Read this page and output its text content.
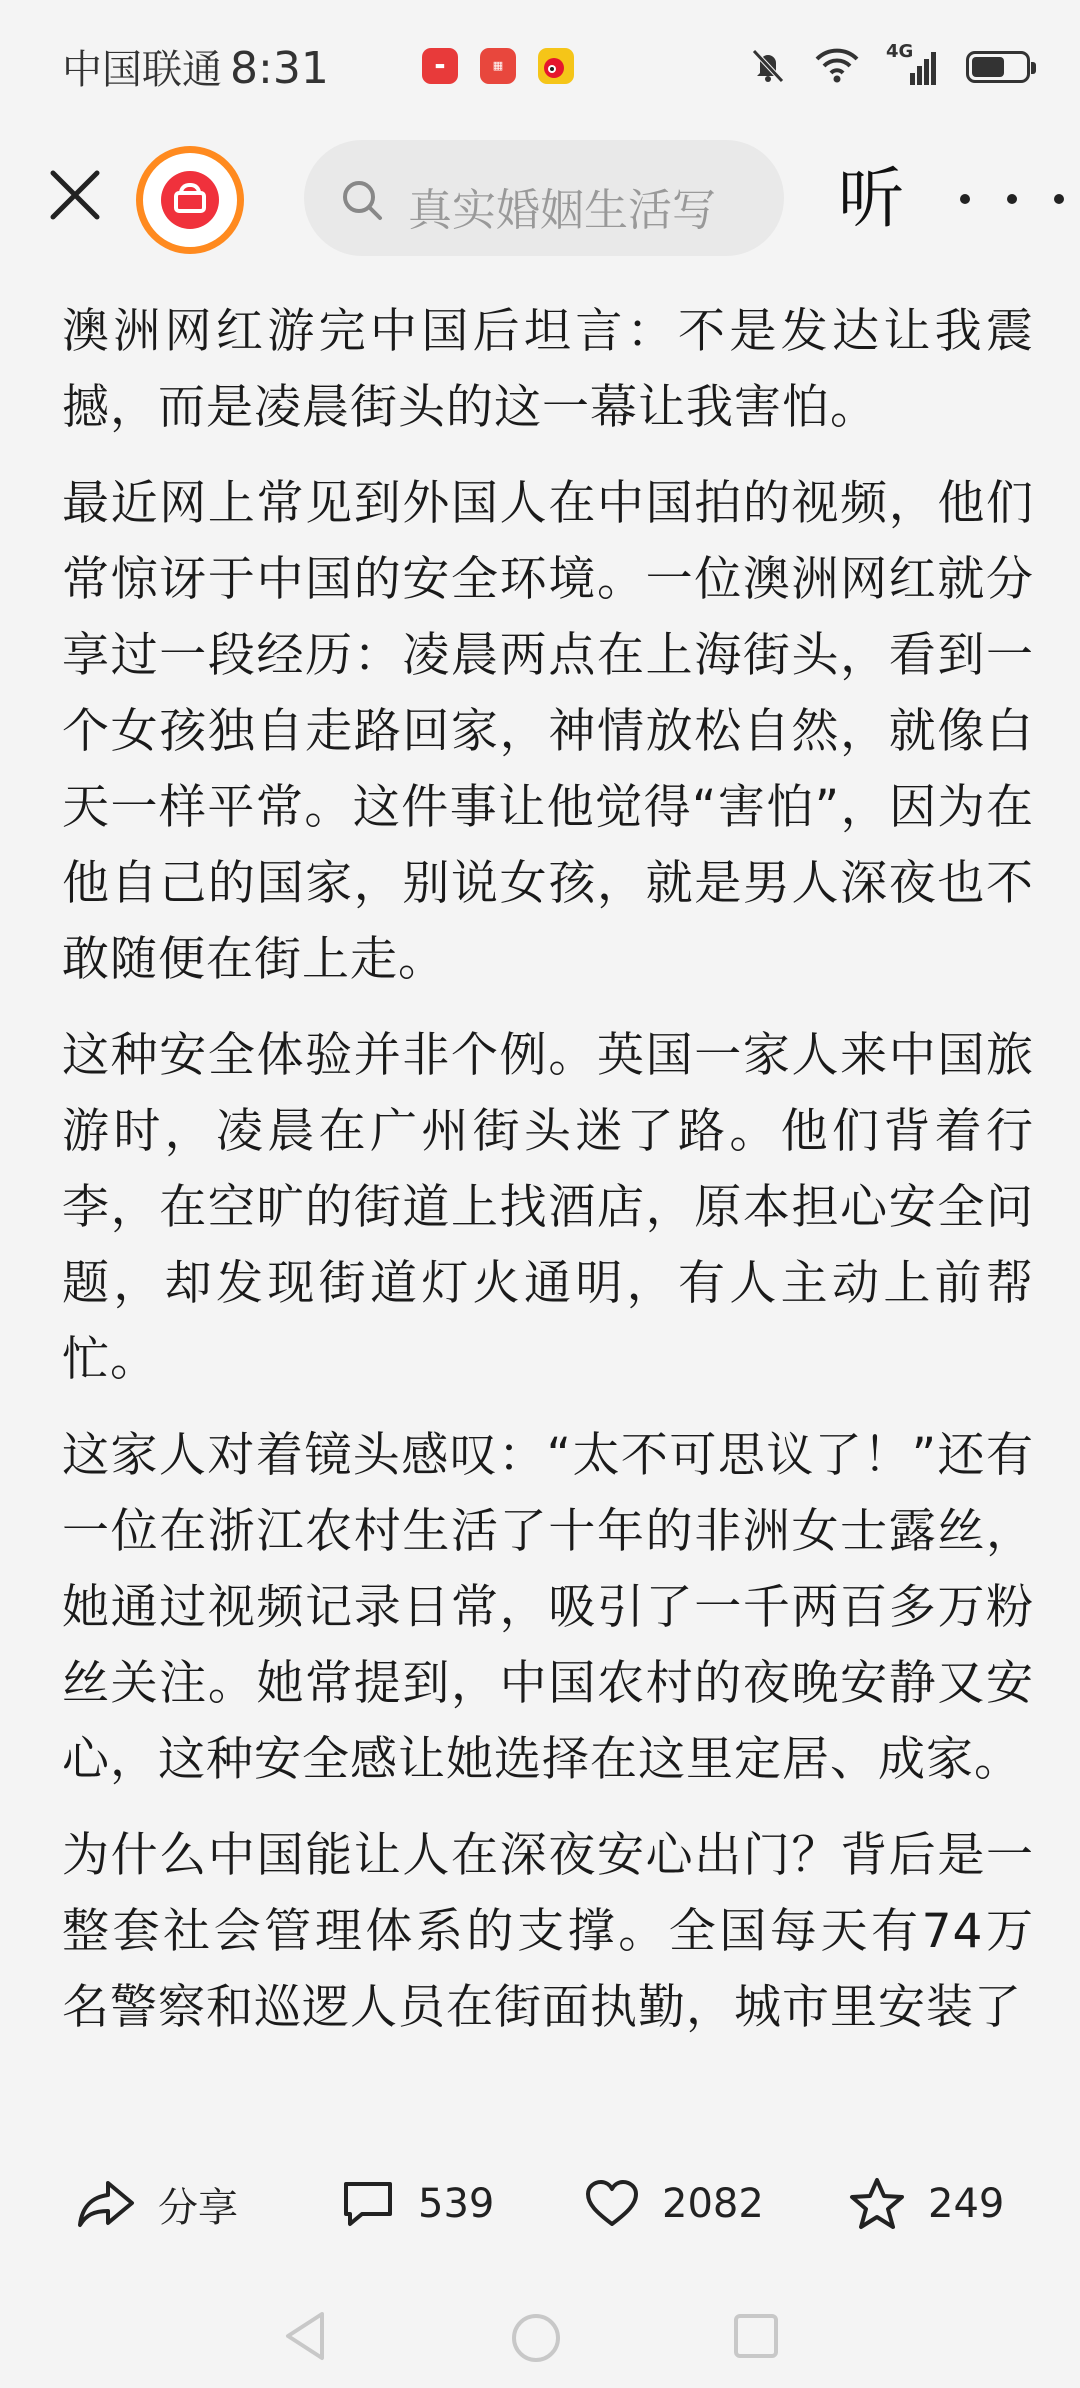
中国联通 8:31	▬	▦
4G
真实婚姻生活写 听

澳洲网红游完中国后坦言：不是发达让我震撼，而是凌晨街头的这一幕让我害怕。

最近网上常见到外国人在中国拍的视频，他们常惊讶于中国的安全环境。一位澳洲网红就分享过一段经历：凌晨两点在上海街头，看到一个女孩独自走路回家，神情放松自然，就像白天一样平常。这件事让他觉得“害怕”，因为在他自己的国家，别说女孩，就是男人深夜也不敢随便在街上走。

这种安全体验并非个例。英国一家人来中国旅游时，凌晨在广州街头迷了路。他们背着行李，在空旷的街道上找酒店，原本担心安全问题，却发现街道灯火通明，有人主动上前帮忙。

这家人对着镜头感叹：“太不可思议了！”还有一位在浙江农村生活了十年的非洲女士露丝，她通过视频记录日常，吸引了一千两百多万粉丝关注。她常提到，中国农村的夜晚安静又安心，这种安全感让她选择在这里定居、成家。

为什么中国能让人在深夜安心出门？背后是一整套社会管理体系的支撑。全国每天有74万名警察和巡逻人员在街面执勤，城市里安装了

分享	539	2082	249
